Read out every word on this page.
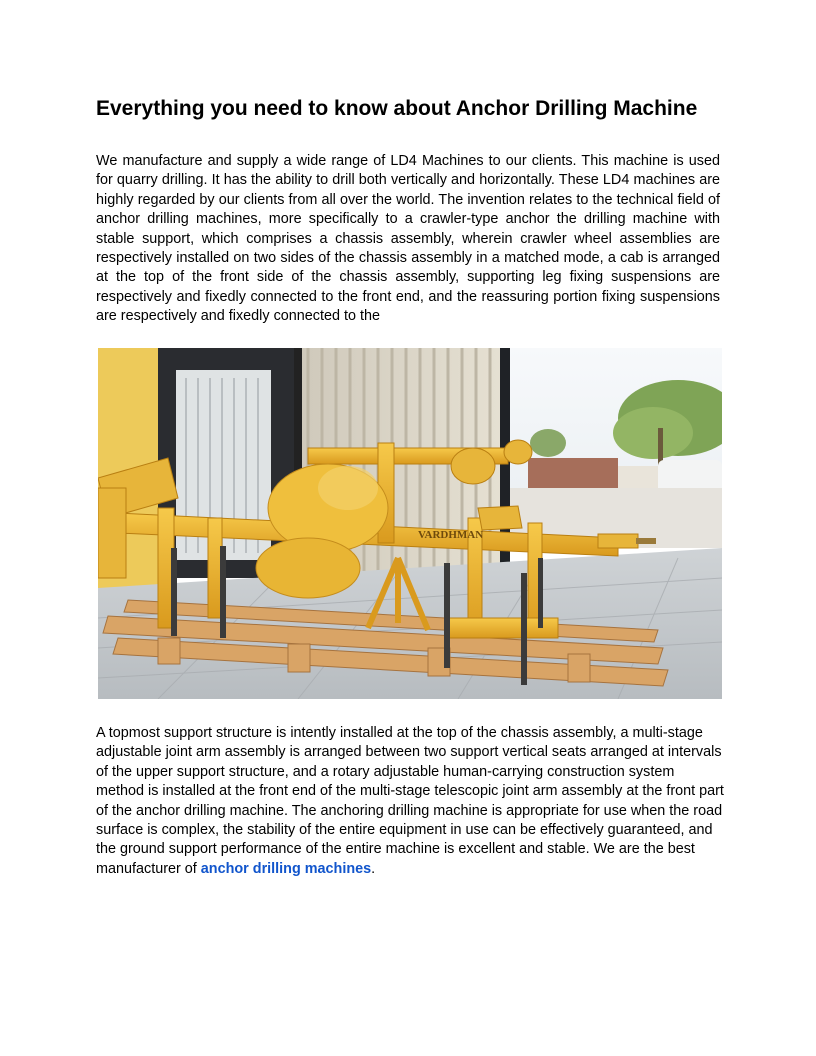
Everything you need to know about Anchor Drilling Machine

We manufacture and supply a wide range of LD4 Machines to our clients. This machine is used for quarry drilling. It has the ability to drill both vertically and horizontally. These LD4 machines are highly regarded by our clients from all over the world. The invention relates to the technical field of anchor drilling machines, more specifically to a crawler-type anchor the drilling machine with stable support, which comprises a chassis assembly, wherein crawler wheel assemblies are respectively installed on two sides of the chassis assembly in a matched mode, a cab is arranged at the top of the front side of the chassis assembly, supporting leg fixing suspensions are respectively and fixedly connected to the front end, and the reassuring portion fixing suspensions are respectively and fixedly connected to the

VARDHMAN

A topmost support structure is intently installed at the top of the chassis assembly, a multi-stage adjustable joint arm assembly is arranged between two support vertical seats arranged at intervals of the upper support structure, and a rotary adjustable human-carrying construction system method is installed at the front end of the multi-stage telescopic joint arm assembly at the front part of the anchor drilling machine. The anchoring drilling machine is appropriate for use when the road surface is complex, the stability of the entire equipment in use can be effectively guaranteed, and the ground support performance of the entire machine is excellent and stable. We are the best manufacturer of anchor drilling machines.
